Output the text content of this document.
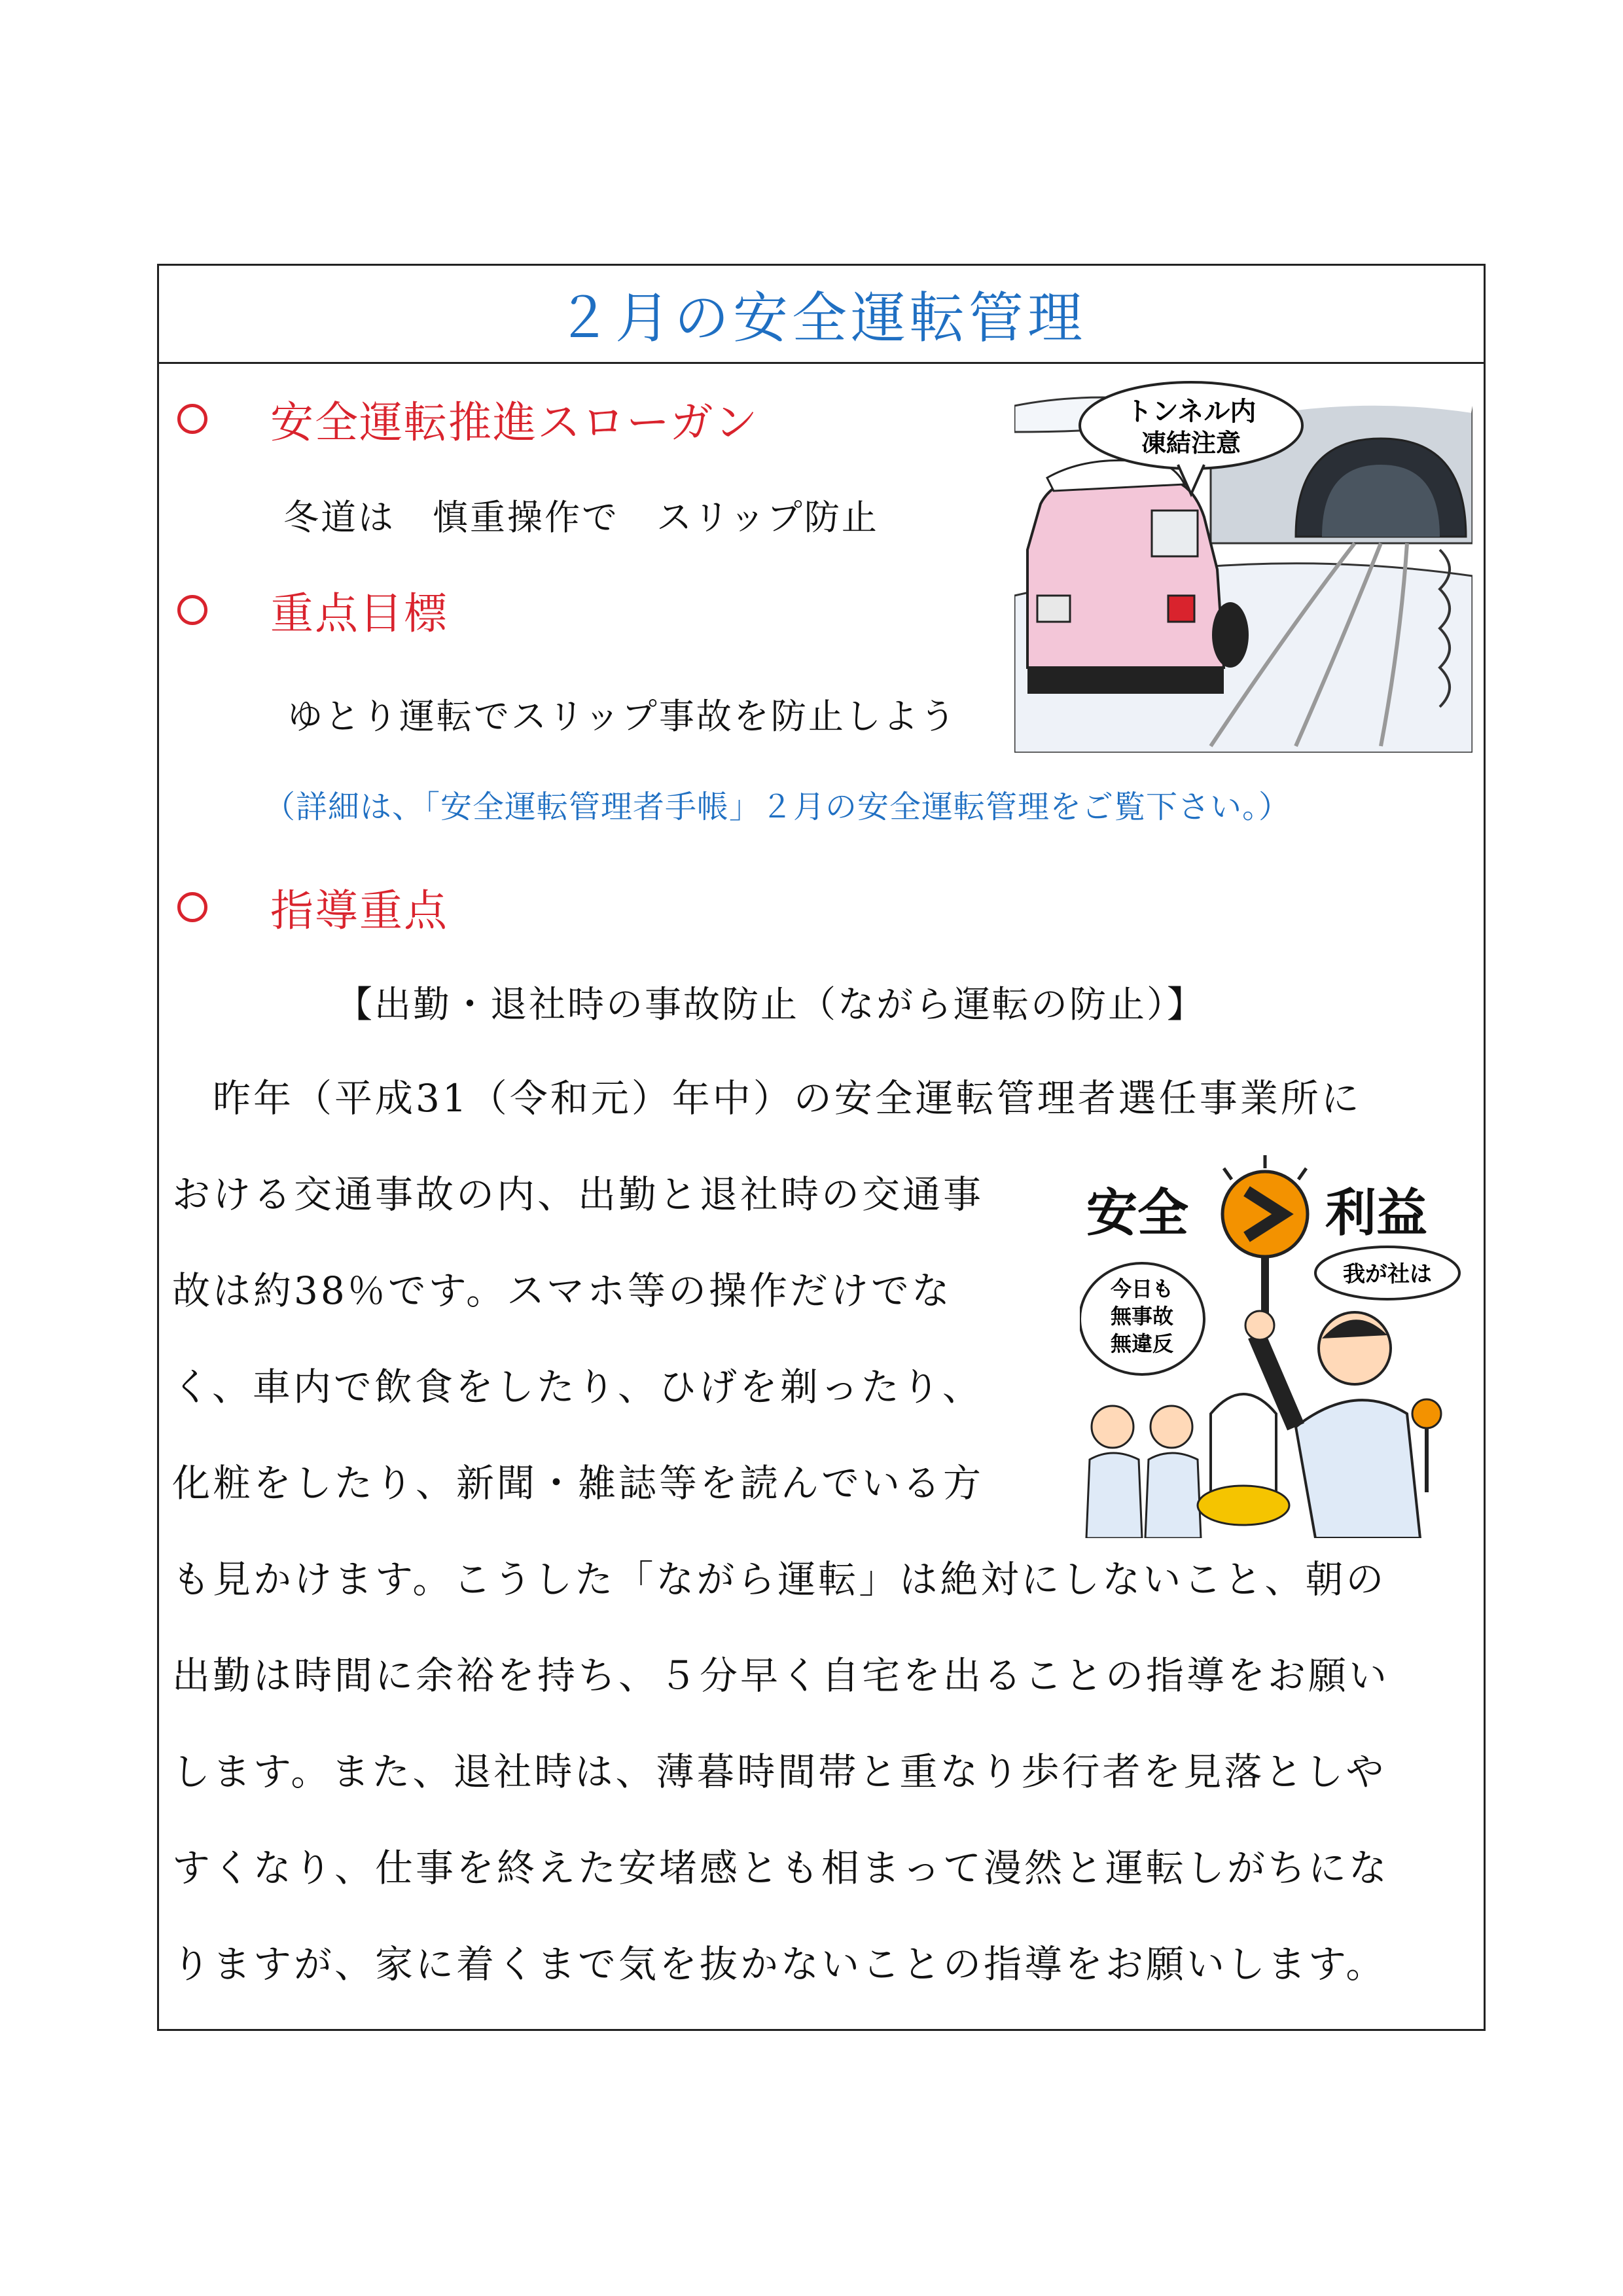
２月の安全運転管理
安全運転推進スローガン
冬道は　慎重操作で　スリップ防止
重点目標
ゆとり運転でスリップ事故を防止しよう
（詳細は、「安全運転管理者手帳」２月の安全運転管理をご覧下さい。）
指導重点
【出勤・退社時の事故防止（ながら運転の防止）】
　昨年（平成31（令和元）年中）の安全運転管理者選任事業所に
おける交通事故の内、出勤と退社時の交通事
故は約38％です。スマホ等の操作だけでな
く、車内で飲食をしたり、ひげを剃ったり、
化粧をしたり、新聞・雑誌等を読んでいる方
も見かけます。こうした「ながら運転」は絶対にしないこと、朝の
出勤は時間に余裕を持ち、５分早く自宅を出ることの指導をお願い
します。また、退社時は、薄暮時間帯と重なり歩行者を見落としや
すくなり、仕事を終えた安堵感とも相まって漫然と運転しがちにな
りますが、家に着くまで気を抜かないことの指導をお願いします。
トンネル内
凍結注意
安全	利益
我が社は
今日も
無事故
無違反
